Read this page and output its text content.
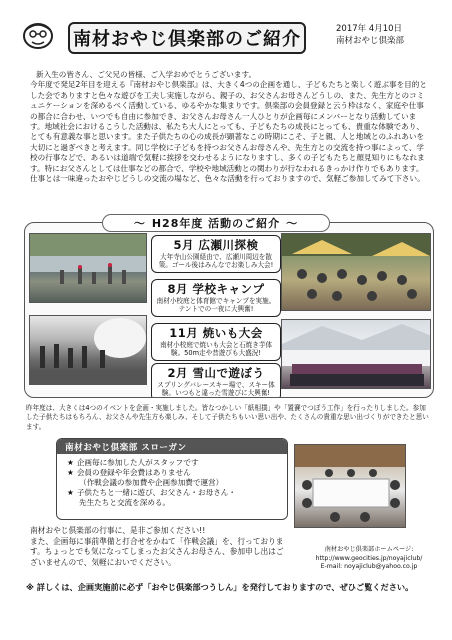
南材おやじ倶楽部のご紹介	2017年 4月10日
南材おやじ倶楽部

新入生の皆さん、ご父兄の皆様、ご入学おめでとうございます。

今年度で発足2年目を迎える『南材おやじ倶楽部』は、大きく4つの企画を通し、子どもたちと楽しく遊ぶ事を目的とした会でありますと色々な遊びを工夫し実施しながら、親子の、お父さんお母さんどうしの、また、先生方とのコミュニケーションを深めるべく活動している、ゆるやかな集まりです。倶楽部の会員登録と云う枠はなく、家庭や仕事の都合に合わせ、いつでも自由に参加でき、お父さんお母さん一人ひとりが企画毎にメンバーとなり活動しています。地域社会におけるこうした活動は、私たち大人にとっても、子どもたちの成長にとっても、貴重な体験であり、とても有意義な事と思います。また子供たちの心の成長が顕著なこの時期にこそ、子と親、人と地域とのふれあいを大切にと過ぎべきと考えます。同じ学校に子どもを持つお父さんお母さんや、先生方との交流を持つ事によって、学校の行事などで、あるいは道端で気軽に挨拶を交わせるようになりますし、多くの子どもたちと顔見知りにもなれます。特にお父さんとしては仕事などの都合で、学校や地域活動との関わりが行なわれるきっかけ作りでもあります。仕事とは一味違ったおやじどうしの交流の場など、色々な活動を行っておりますので、気軽ご参加してみて下さい。

5月 広瀬川探検
大年寺山公園経由で、広瀬川周辺を散策。ゴール後はみんなでお楽しみ大会!
8月 学校キャンプ
南材小校庭と体育館でキャンプを実施。テントでの一夜に大興奮!
11月 焼いも大会
南材小校庭で焼いも大会と石焼き芋体験。50m走や昔遊びも大盛況!
2月 雪山で遊ぼう
スプリングバレースキー場で、スキー体験。いつもと違った雪遊びに大興奮!
〜 H28年度 活動のご紹介 〜
昨年度は、大きくは4つのイベントを企画・実施しました。皆なつかしい「紙相撲」や「置賽でつぼう工作」を行ったりしました。参加した子供たちはもちろん、お父さんや先生方も楽しみ、そして子供たちもいい思い出や、たくさんの貴重な思い出づくりができたと思います。
南材おやじ倶楽部 スローガン
★ 企画毎に参加した人がスタッフです
★ 会員の登録や年会費はありません
（作戦会議の参加費や企画参加費で運営）
★ 子供たちと一緒に遊び、お父さん・お母さん・
先生たちと交流を深める。

南材おやじ倶楽部の行事に、是非ご参加ください!!

また、企画毎に事前準備と打合せをかねて「作戦会議」を、行っております。ちょっとでも気になってしまったお父さんお母さん、参加申し出はございませんので、気軽においでください。

南材おやじ倶楽部ホームページ:
http://www.geocities.jp/noyajiclub/
E-mail: noyajiclub@yahoo.co.jp
※ 詳しくは、企画実施前に必ず「おやじ倶楽部つうしん」を発行しておりますので、ぜひご覧ください。
